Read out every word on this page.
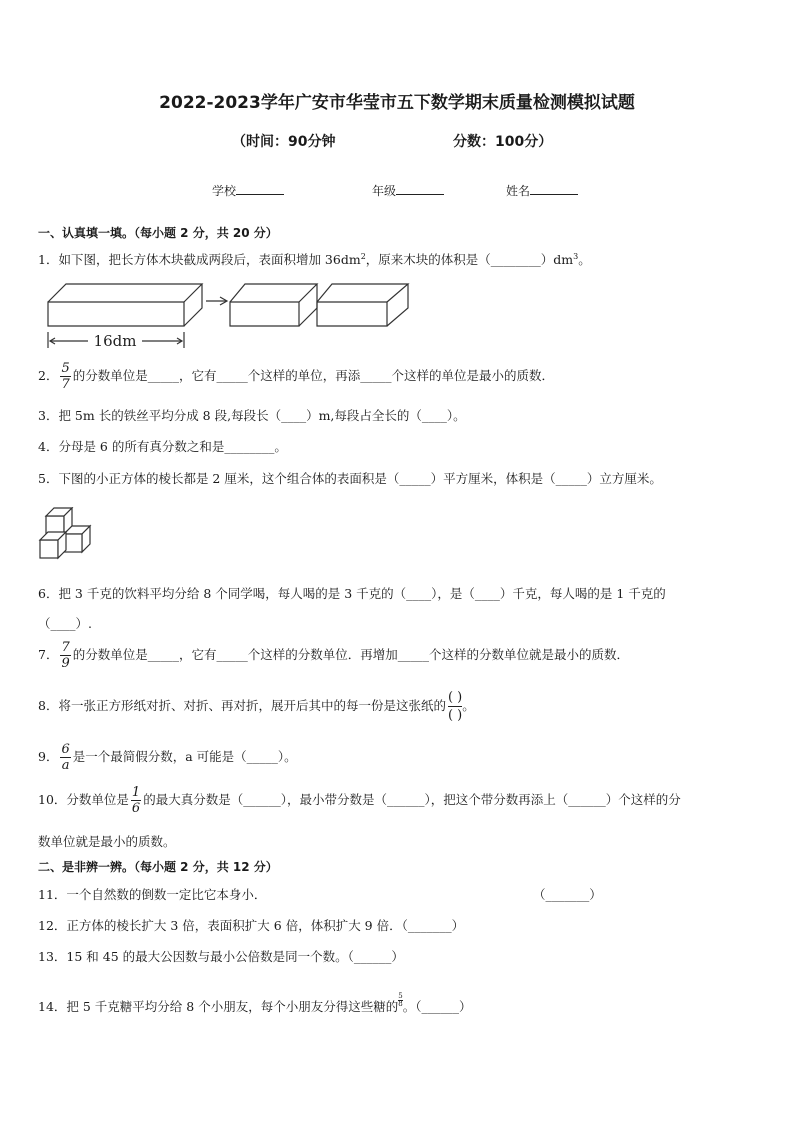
2022-2023学年广安市华莹市五下数学期末质量检测模拟试题
（时间：90分钟	分数：100分）
学校	年级	姓名
一、认真填一填。（每小题 2 分，共 20 分）
1．如下图，把长方体木块截成两段后，表面积增加 $36dm^2$，原来木块的体积是$(\_\_\_\_\_\_\_\_)dm^3$。
16dm
2． $\frac{5}{7}$ 的分数单位是_____，它有_____个这样的单位，再添_____个这样的单位是最小的质数．
3．把 5m 长的铁丝平均分成 8 段,每段长（____）m,每段占全长的（____）。
4．分母是 6 的所有真分数之和是________。
5．下图的小正方体的棱长都是 2 厘米，这个组合体的表面积是（_____）平方厘米，体积是（_____）立方厘米。
6．把 3 千克的饮料平均分给 8 个同学喝，每人喝的是 3 千克的（____），是（____）千克，每人喝的是 1 千克的
（____）.
7． $\frac{7}{9}$ 的分数单位是_____，它有_____个这样的分数单位．再增加_____个这样的分数单位就是最小的质数．
8．将一张正方形纸对折、对折、再对折，展开后其中的每一份是这张纸的
( )
( )
。
9． $\frac{6}{a}$ 是一个最简假分数，a 可能是（_____）。
10．分数单位是 $\frac{1}{6}$ 的最大真分数是（______），最小带分数是（______），把这个带分数再添上（______）个这样的分
数单位就是最小的质数。
二、是非辨一辨。（每小题 2 分，共 12 分）
11．一个自然数的倒数一定比它本身小．	（_______）
12．正方体的棱长扩大 3 倍，表面积扩大 6 倍，体积扩大 9 倍．（_______）
13．15 和 45 的最大公因数与最小公倍数是同一个数。（______）
14．把 5 千克糖平均分给 8 个小朋友，每个小朋友分得这些糖的 $\frac{5}{8}$ 。（______）
